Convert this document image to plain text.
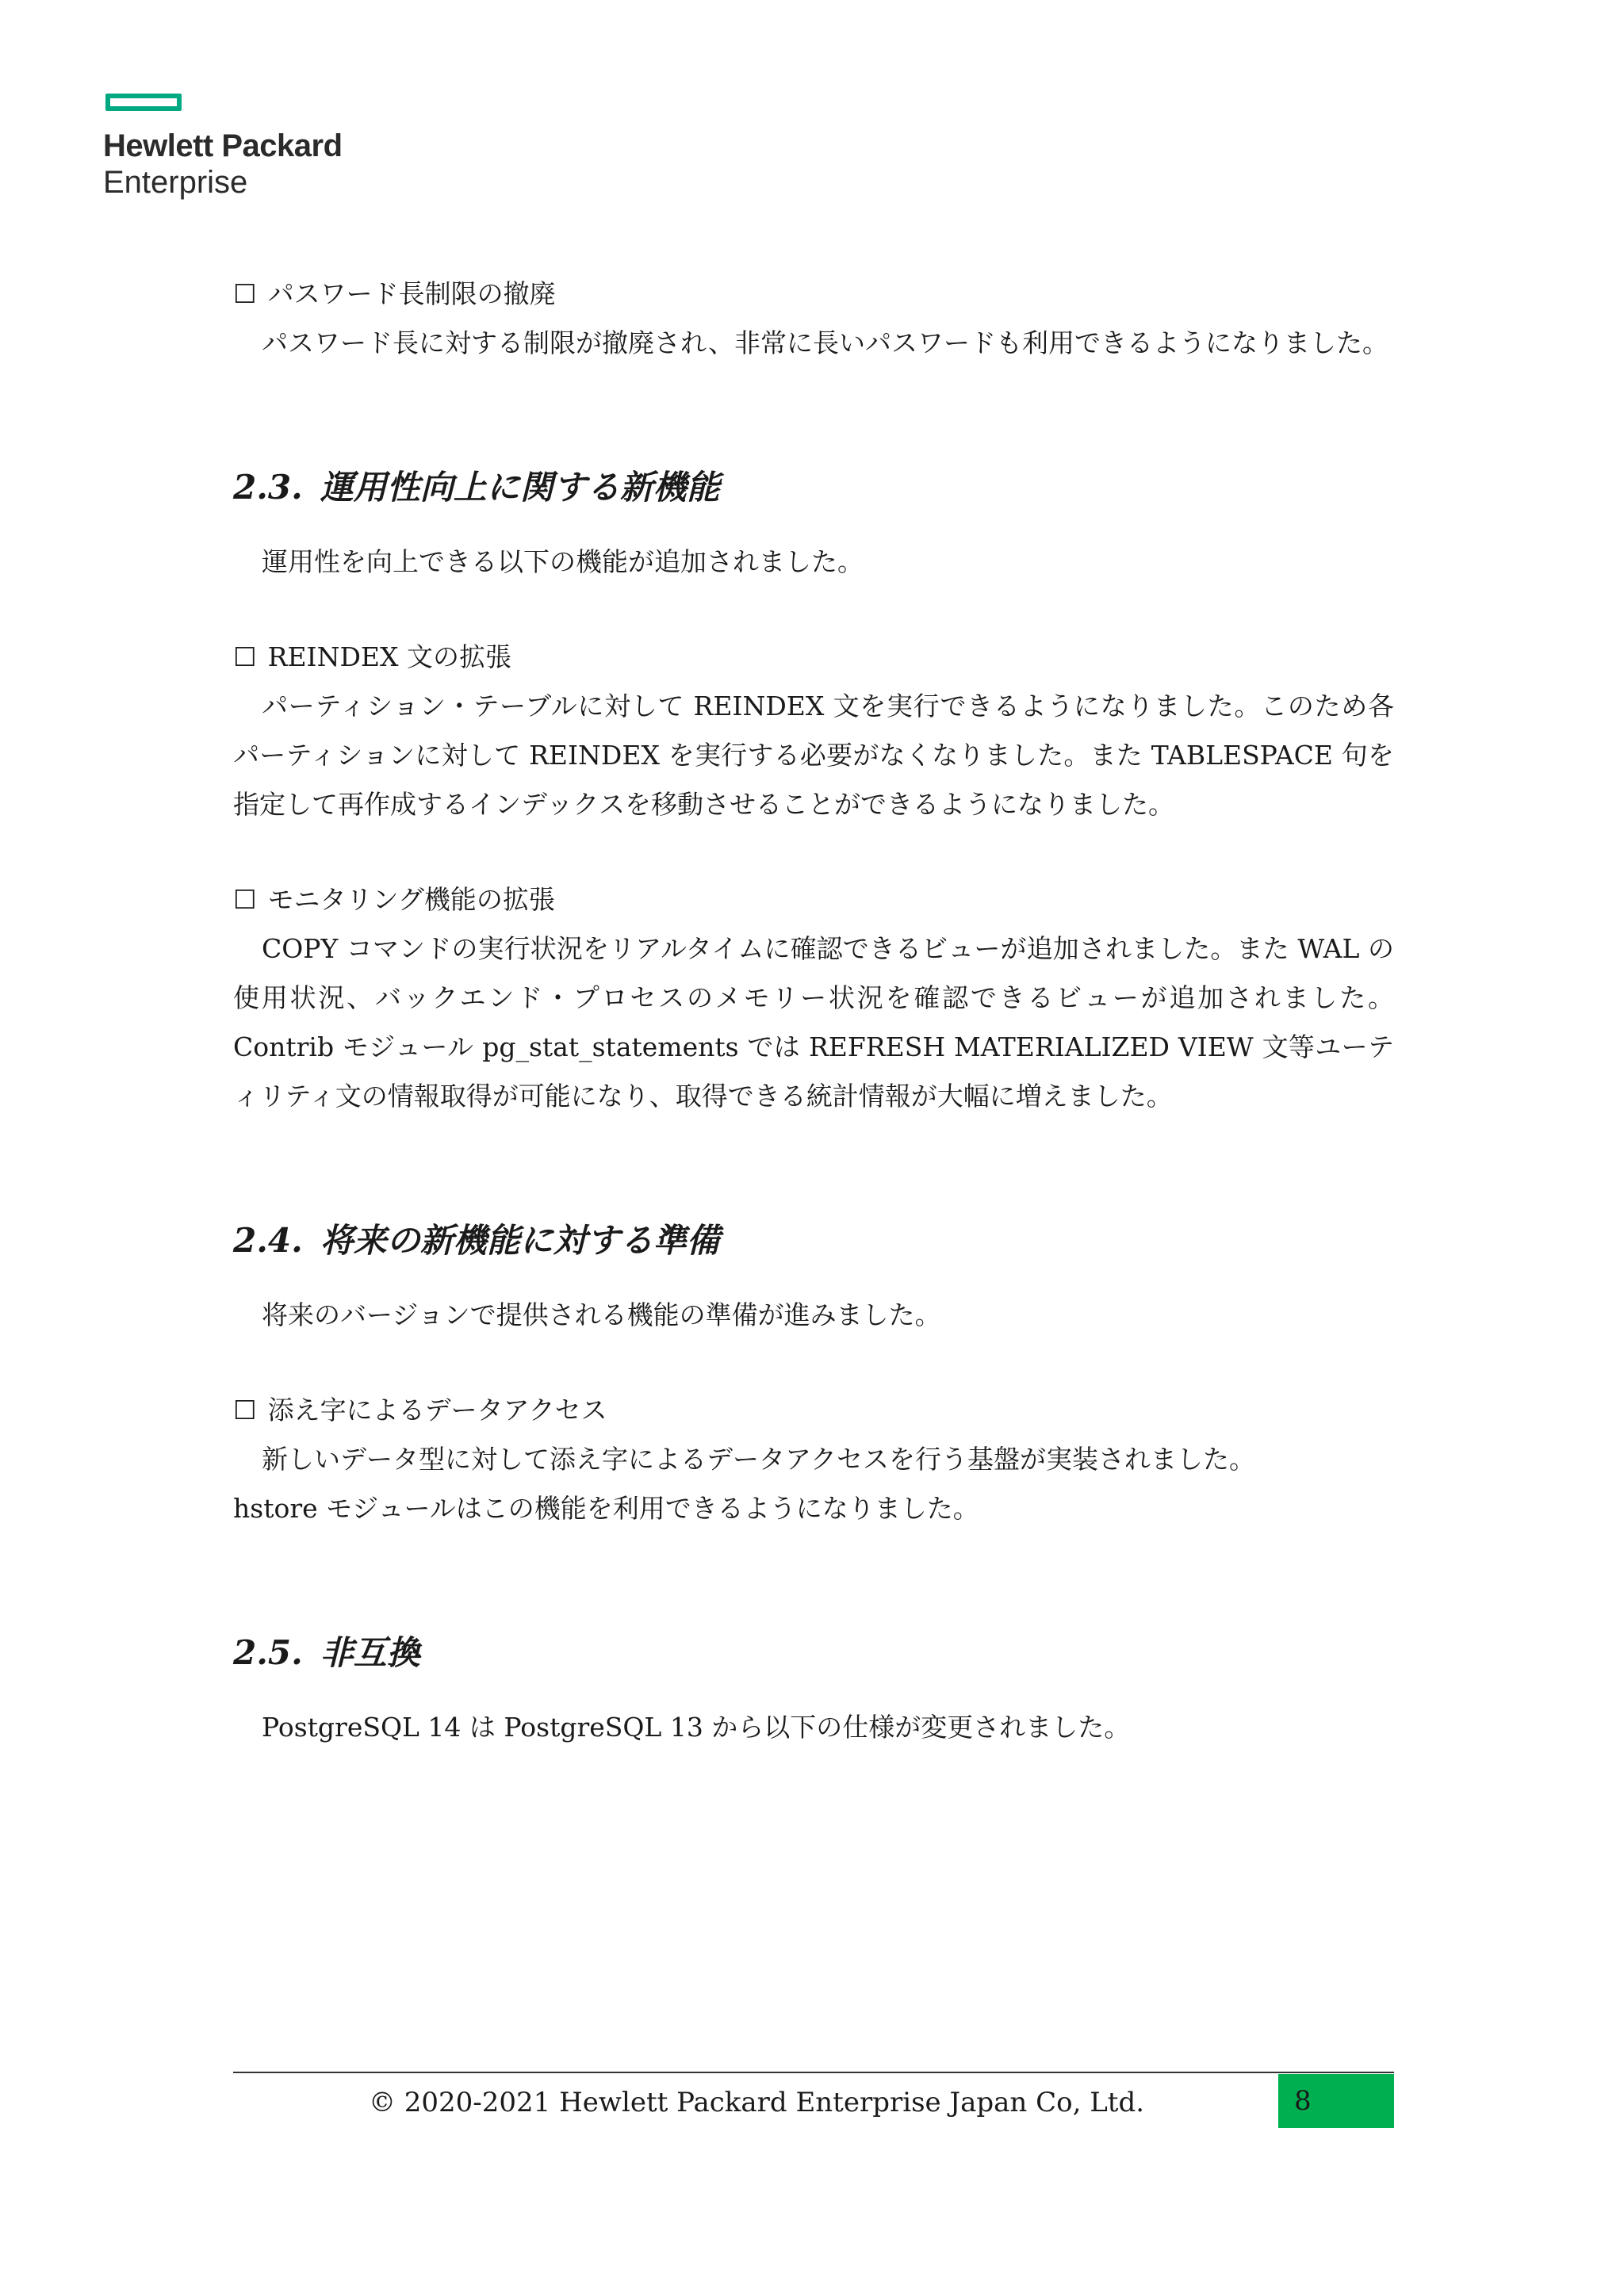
Hewlett Packard
Enterprise

☐ パスワード長制限の撤廃

パスワード長に対する制限が撤廃され、非常に長いパスワードも利用できるようになりました。

2.3. 運用性向上に関する新機能

運用性を向上できる以下の機能が追加されました。

☐ REINDEX 文の拡張

パーティション・テーブルに対して REINDEX 文を実行できるようになりました。このため各パーティションに対して REINDEX を実行する必要がなくなりました。また TABLESPACE 句を指定して再作成するインデックスを移動させることができるようになりました。

☐ モニタリング機能の拡張

COPY コマンドの実行状況をリアルタイムに確認できるビューが追加されました。また WAL の使用状況、バックエンド・プロセスのメモリー状況を確認できるビューが追加されました。Contrib モジュール pg_stat_statements では REFRESH MATERIALIZED VIEW 文等ユーティリティ文の情報取得が可能になり、取得できる統計情報が大幅に増えました。

2.4. 将来の新機能に対する準備

将来のバージョンで提供される機能の準備が進みました。

☐ 添え字によるデータアクセス

新しいデータ型に対して添え字によるデータアクセスを行う基盤が実装されました。

hstore モジュールはこの機能を利用できるようになりました。

2.5. 非互換

PostgreSQL 14 は PostgreSQL 13 から以下の仕様が変更されました。

© 2020-2021 Hewlett Packard Enterprise Japan Co, Ltd.	8
